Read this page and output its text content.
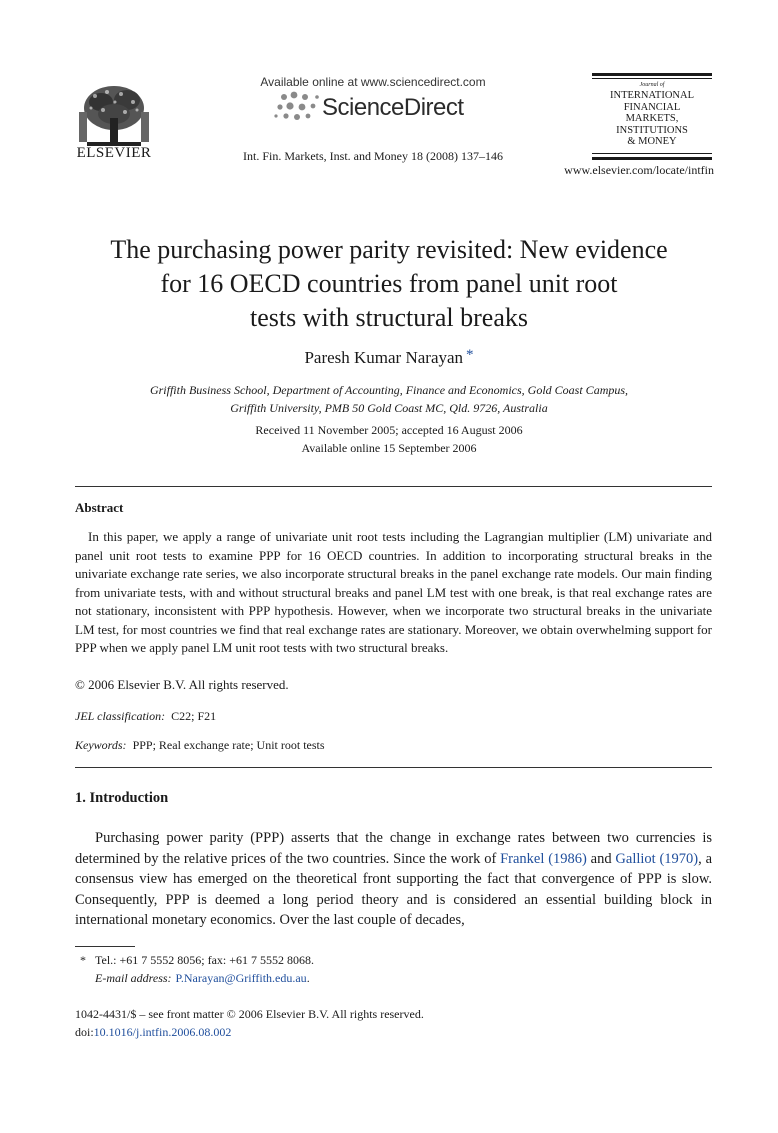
ELSEVIER
Available online at www.sciencedirect.com
ScienceDirect
Int. Fin. Markets, Inst. and Money 18 (2008) 137–146
Journal of
INTERNATIONAL
FINANCIAL
MARKETS,
INSTITUTIONS
& MONEY
www.elsevier.com/locate/intfin
The purchasing power parity revisited: New evidence
for 16 OECD countries from panel unit root
tests with structural breaks
Paresh Kumar Narayan *
Griffith Business School, Department of Accounting, Finance and Economics, Gold Coast Campus,
Griffith University, PMB 50 Gold Coast MC, Qld. 9726, Australia
Received 11 November 2005; accepted 16 August 2006
Available online 15 September 2006
Abstract
In this paper, we apply a range of univariate unit root tests including the Lagrangian multiplier (LM) univariate and panel unit root tests to examine PPP for 16 OECD countries. In addition to incorporating structural breaks in the univariate exchange rate series, we also incorporate structural breaks in the panel exchange rate models. Our main finding from univariate tests, with and without structural breaks and panel LM test with one break, is that real exchange rates are not stationary, inconsistent with PPP hypothesis. However, when we incorporate two structural breaks in the univariate LM test, for most countries we find that real exchange rates are stationary. Moreover, we obtain overwhelming support for PPP when we apply panel LM unit root tests with two structural breaks.
© 2006 Elsevier B.V. All rights reserved.
JEL classification: C22; F21
Keywords: PPP; Real exchange rate; Unit root tests
1. Introduction

Purchasing power parity (PPP) asserts that the change in exchange rates between two currencies is determined by the relative prices of the two countries. Since the work of Frankel (1986) and Galliot (1970), a consensus view has emerged on the theoretical front supporting the fact that convergence of PPP is slow. Consequently, PPP is deemed a long period theory and is considered an essential building block in international monetary economics. Over the last couple of decades,

* Tel.: +61 7 5552 8056; fax: +61 7 5552 8068.
E-mail address: P.Narayan@Griffith.edu.au.
1042-4431/$ – see front matter © 2006 Elsevier B.V. All rights reserved.
doi:10.1016/j.intfin.2006.08.002
